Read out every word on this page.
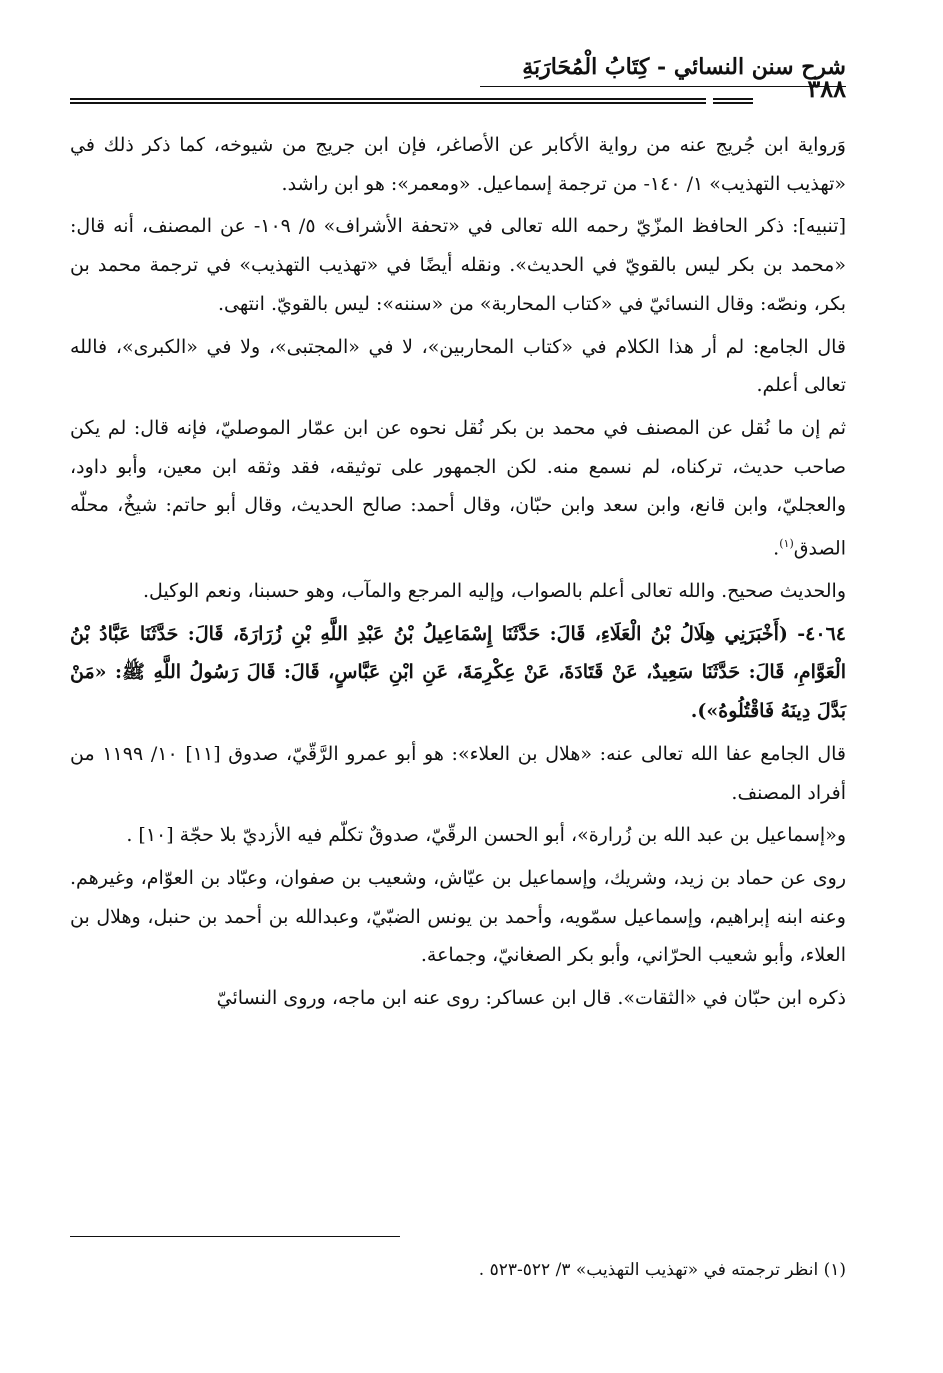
شرح سنن النسائي - كِتَابُ الْمُحَارَبَةِ
٣٨٨

وَرواية ابن جُريج عنه من رواية الأكابر عن الأصاغر، فإن ابن جريج من شيوخه، كما ذكر ذلك في «تهذيب التهذيب» ١/ ١٤٠- من ترجمة إسماعيل. «ومعمر»: هو ابن راشد.

[تنبيه]: ذكر الحافظ المزّيّ رحمه الله تعالى في «تحفة الأشراف» ٥/ ١٠٩- عن المصنف، أنه قال: «محمد بن بكر ليس بالقويّ في الحديث». ونقله أيضًا في «تهذيب التهذيب» في ترجمة محمد بن بكر، ونصّه: وقال النسائيّ في «كتاب المحاربة» من «سننه»: ليس بالقويّ. انتهى.

قال الجامع: لم أر هذا الكلام في «كتاب المحاربين»، لا في «المجتبى»، ولا في «الكبرى»، فالله تعالى أعلم.

ثم إن ما نُقل عن المصنف في محمد بن بكر نُقل نحوه عن ابن عمّار الموصليّ، فإنه قال: لم يكن صاحب حديث، تركناه، لم نسمع منه. لكن الجمهور على توثيقه، فقد وثقه ابن معين، وأبو داود، والعجليّ، وابن قانع، وابن سعد وابن حبّان، وقال أحمد: صالح الحديث، وقال أبو حاتم: شيخٌ، محلّه الصدق$^{(١)}$.

والحديث صحيح. والله تعالى أعلم بالصواب، وإليه المرجع والمآب، وهو حسبنا، ونعم الوكيل.

٤٠٦٤- (أَخْبَرَنِي هِلَالُ بْنُ الْعَلَاءِ، قَالَ: حَدَّثَنَا إِسْمَاعِيلُ بْنُ عَبْدِ اللَّهِ بْنِ زُرَارَةَ، قَالَ: حَدَّثَنَا عَبَّادُ بْنُ الْعَوَّامِ، قَالَ: حَدَّثَنَا سَعِيدٌ، عَنْ قَتَادَةَ، عَنْ عِكْرِمَةَ، عَنِ ابْنِ عَبَّاسٍ، قَالَ: قَالَ رَسُولُ اللَّهِ ﷺ: «مَنْ بَدَّلَ دِينَهُ فَاقْتُلُوهُ»).

قال الجامع عفا الله تعالى عنه: «هلال بن العلاء»: هو أبو عمرو الرَّقّيّ، صدوق [١١] ١٠/ ١١٩٩ من أفراد المصنف.

و«إسماعيل بن عبد الله بن زُرارة»، أبو الحسن الرقّيّ، صدوقٌ تكلّم فيه الأزديّ بلا حجّة [١٠] .

روى عن حماد بن زيد، وشريك، وإسماعيل بن عيّاش، وشعيب بن صفوان، وعبّاد بن العوّام، وغيرهم. وعنه ابنه إبراهيم، وإسماعيل سمّويه، وأحمد بن يونس الضبّيّ، وعبدالله بن أحمد بن حنبل، وهلال بن العلاء، وأبو شعيب الحرّاني، وأبو بكر الصغانيّ، وجماعة.

ذكره ابن حبّان في «الثقات». قال ابن عساكر: روى عنه ابن ماجه، وروى النسائيّ

(١) انظر ترجمته في «تهذيب التهذيب» ٣/ ٥٢٢-٥٢٣ .
